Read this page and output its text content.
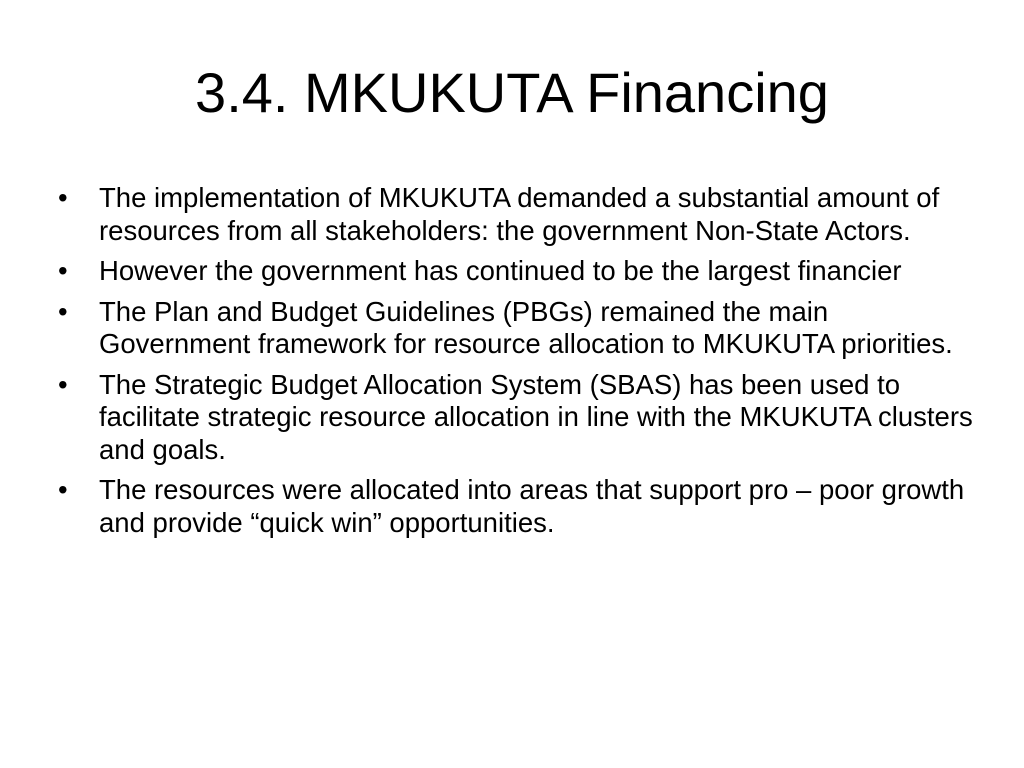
3.4. MKUKUTA Financing
•	The implementation of MKUKUTA demanded a substantial amount of resources from all stakeholders: the government Non-State Actors.
•	However the government has continued to be the largest financier
•	The Plan and Budget Guidelines (PBGs) remained the main Government framework for resource allocation to MKUKUTA priorities.
•	The Strategic Budget Allocation System (SBAS) has been used to facilitate strategic resource allocation in line with the MKUKUTA clusters and goals.
•	The resources were allocated into areas that support pro – poor growth and provide “quick win” opportunities.
